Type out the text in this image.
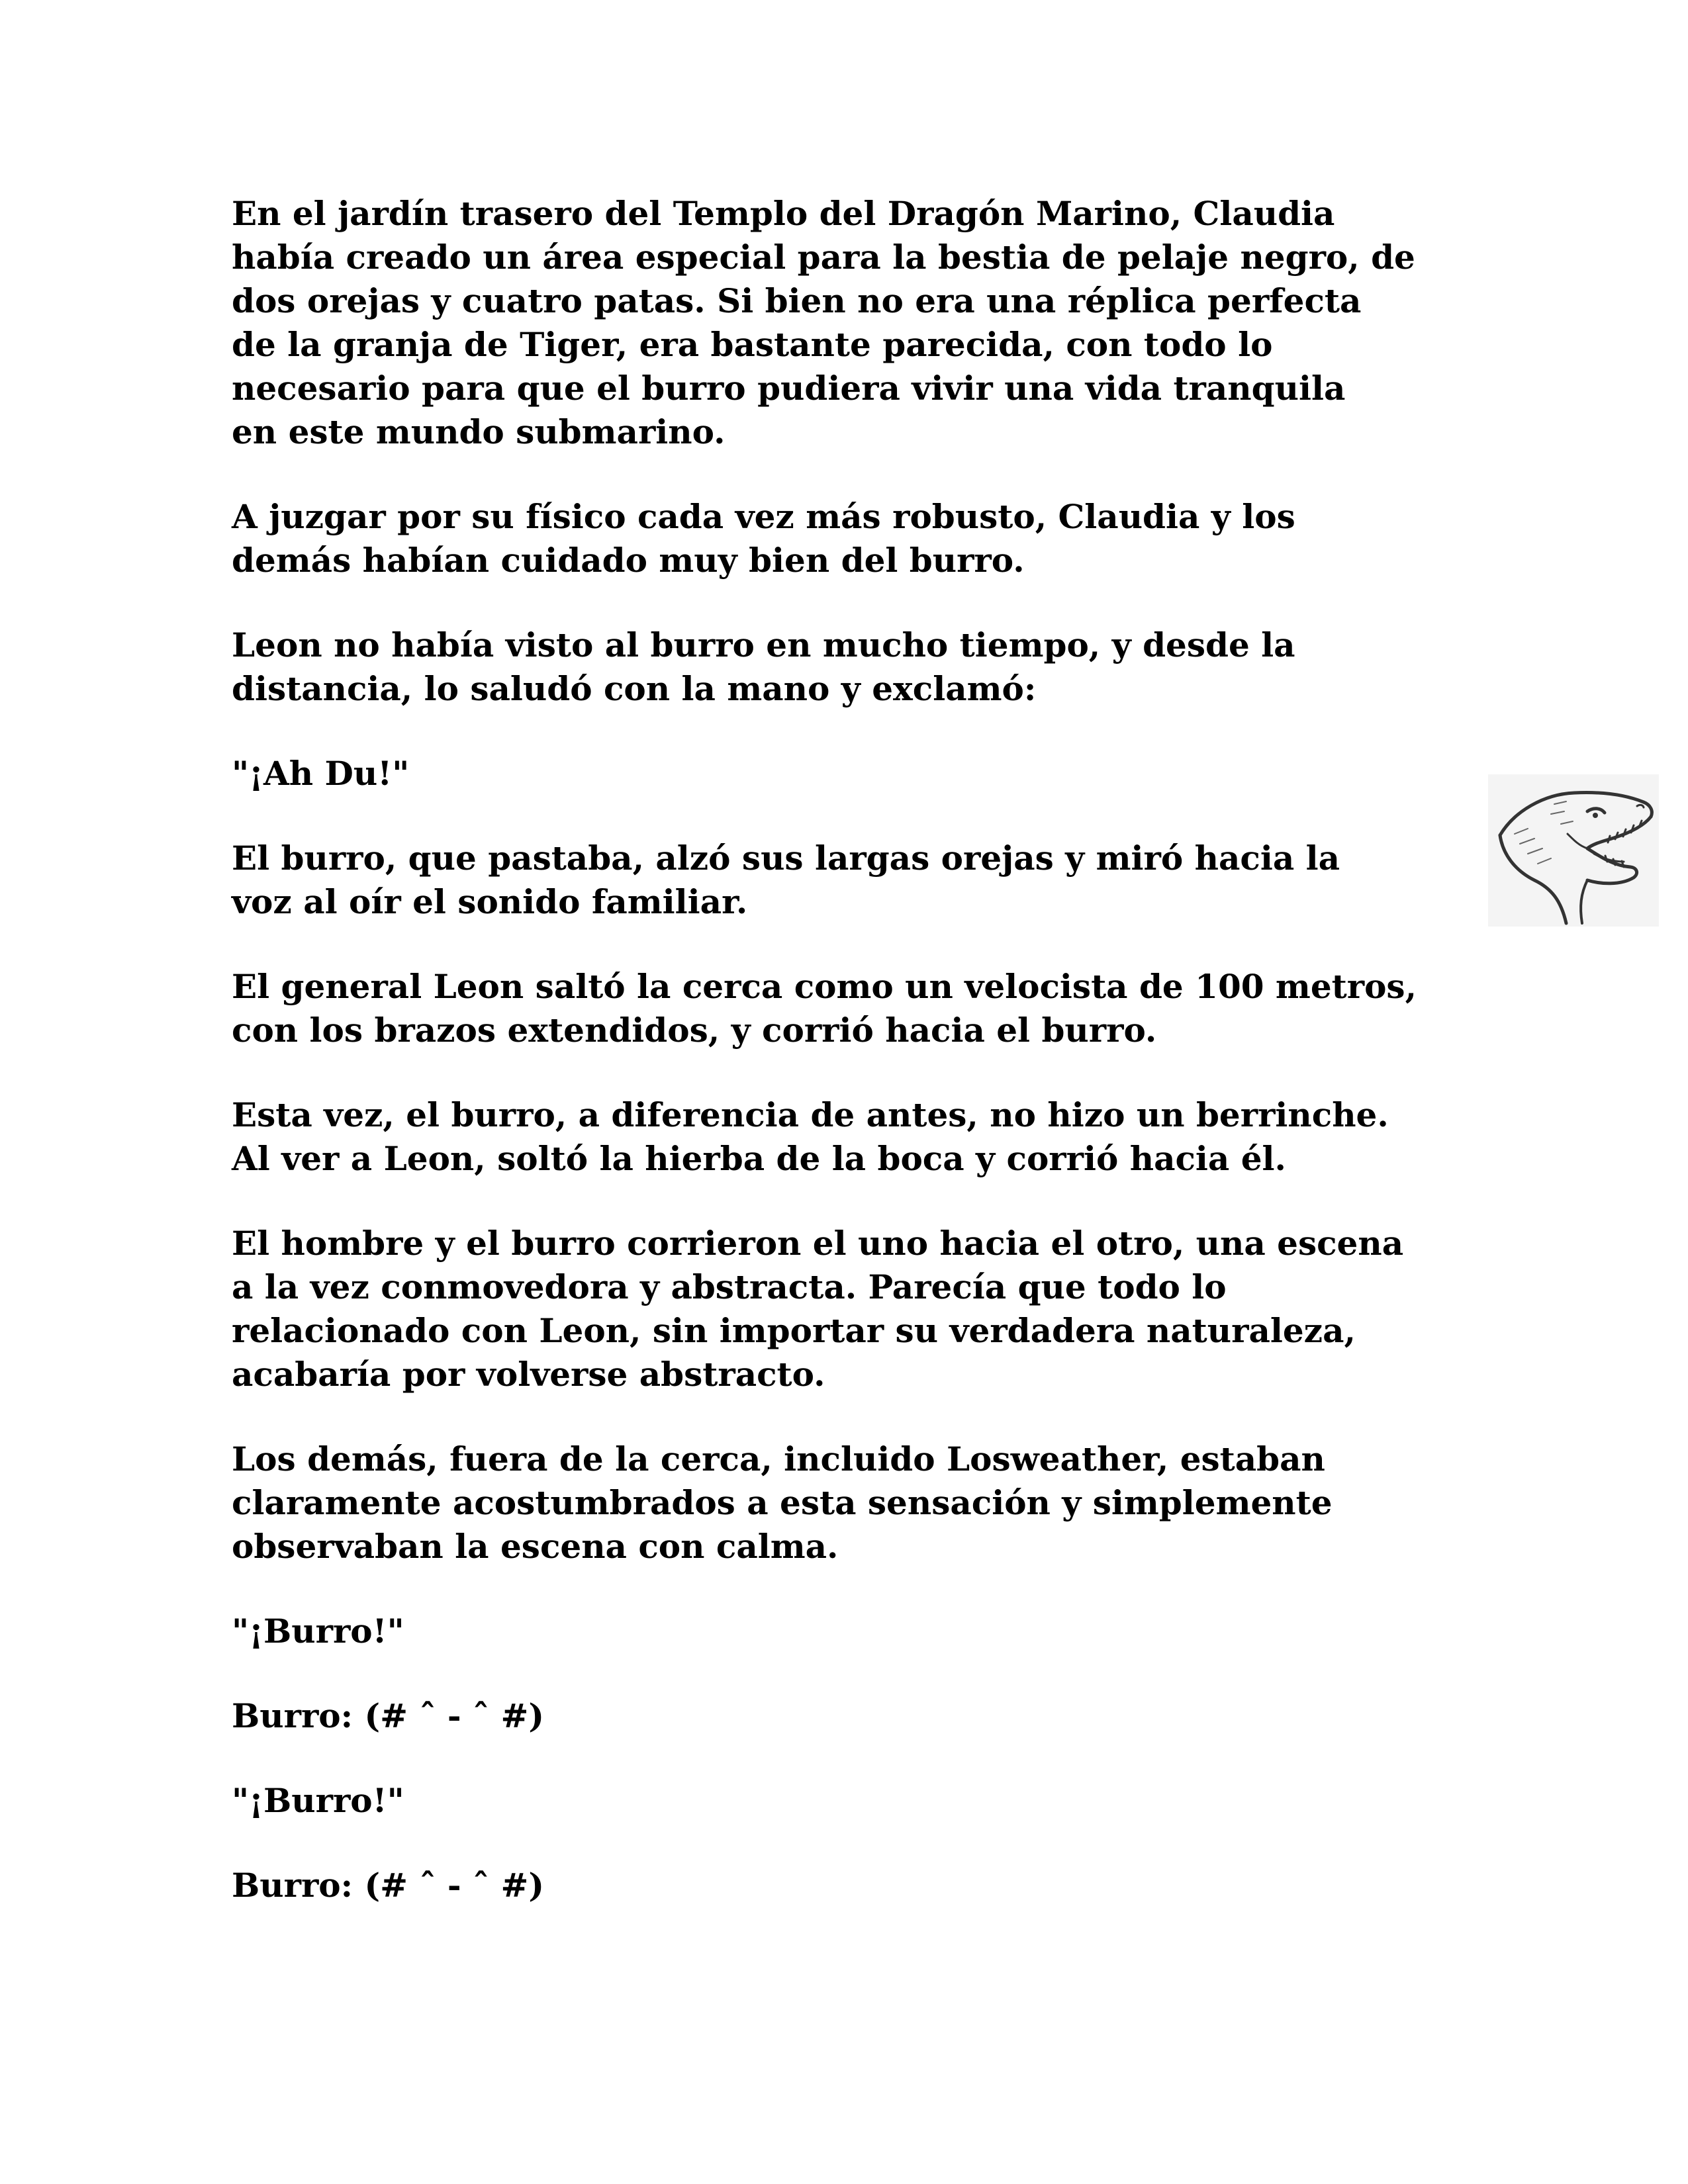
En el jardín trasero del Templo del Dragón Marino, Claudia
había creado un área especial para la bestia de pelaje negro, de
dos orejas y cuatro patas. Si bien no era una réplica perfecta
de la granja de Tiger, era bastante parecida, con todo lo
necesario para que el burro pudiera vivir una vida tranquila
en este mundo submarino.

A juzgar por su físico cada vez más robusto, Claudia y los
demás habían cuidado muy bien del burro.

Leon no había visto al burro en mucho tiempo, y desde la
distancia, lo saludó con la mano y exclamó:

"¡Ah Du!"

El burro, que pastaba, alzó sus largas orejas y miró hacia la
voz al oír el sonido familiar.

El general Leon saltó la cerca como un velocista de 100 metros,
con los brazos extendidos, y corrió hacia el burro.

Esta vez, el burro, a diferencia de antes, no hizo un berrinche.
Al ver a Leon, soltó la hierba de la boca y corrió hacia él.

El hombre y el burro corrieron el uno hacia el otro, una escena
a la vez conmovedora y abstracta. Parecía que todo lo
relacionado con Leon, sin importar su verdadera naturaleza,
acabaría por volverse abstracto.

Los demás, fuera de la cerca, incluido Losweather, estaban
claramente acostumbrados a esta sensación y simplemente
observaban la escena con calma.

"¡Burro!"

Burro: (# ˆ - ˆ #)

"¡Burro!"

Burro: (# ˆ - ˆ #)
